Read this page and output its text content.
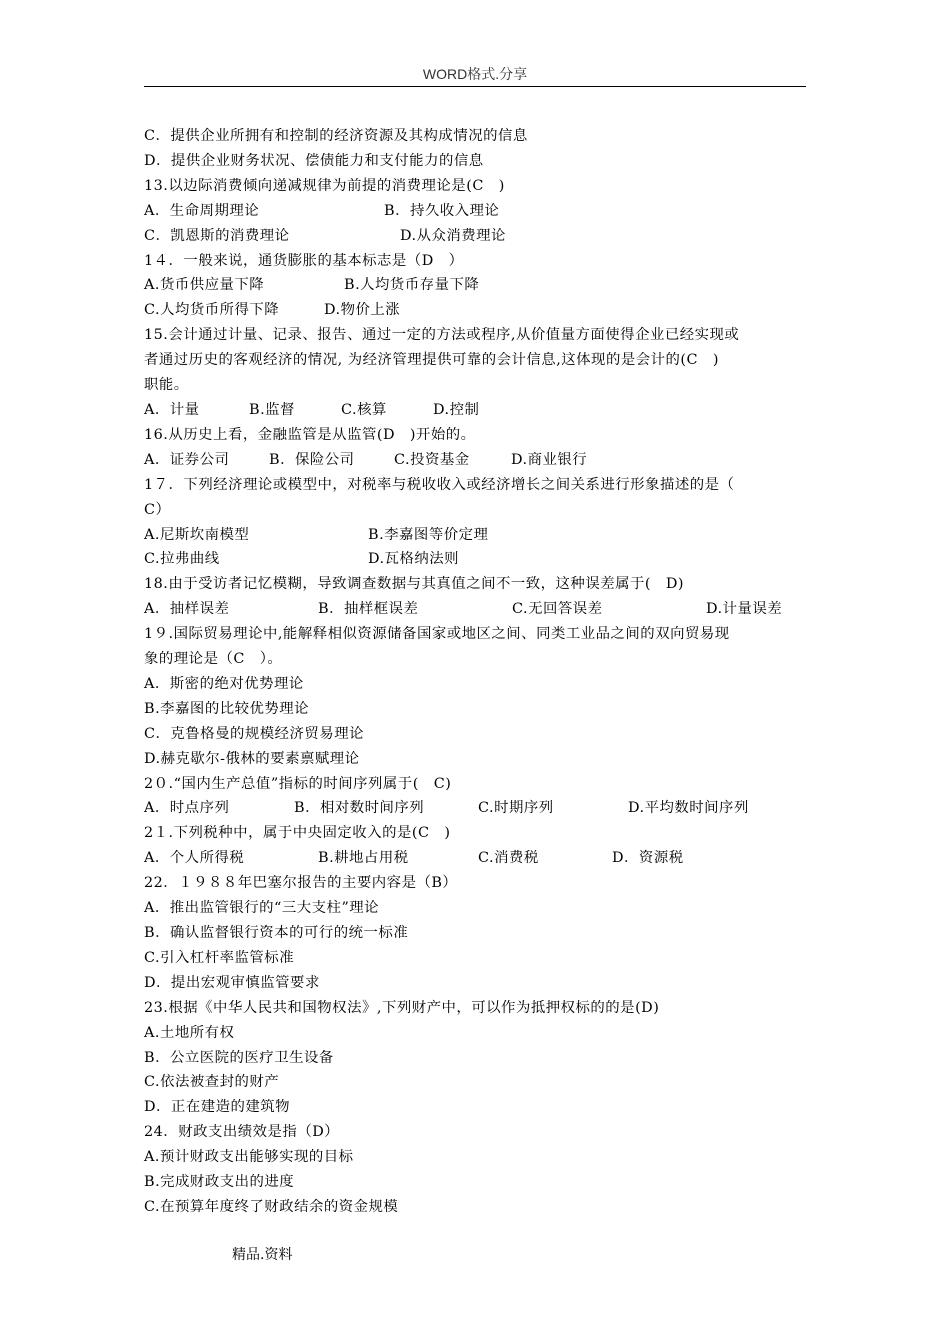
WORD格式.分享
C．提供企业所拥有和控制的经济资源及其构成情况的信息
D．提供企业财务状况、偿债能力和支付能力的信息
13.以边际消费倾向递减规律为前提的消费理论是(C　)
A．生命周期理论	B．持久收入理论
C．凯恩斯的消费理论	D.从众消费理论
1４．一般来说，通货膨胀的基本标志是（D　）
A.货币供应量下降	B.人均货币存量下降
C.人均货币所得下降	D.物价上涨
15.会计通过计量、记录、报告、通过一定的方法或程序,从价值量方面使得企业已经实现或
者通过历史的客观经济的情况, 为经济管理提供可靠的会计信息,这体现的是会计的(C　)
职能。
A．计量	B.监督	C.核算	D.控制
16.从历史上看，金融监管是从监管(D　)开始的。
A．证券公司	B．保险公司	C.投资基金	D.商业银行
1７．下列经济理论或模型中，对税率与税收收入或经济增长之间关系进行形象描述的是（
C）
A.尼斯坎南模型	B.李嘉图等价定理
C.拉弗曲线	D.瓦格纳法则
18.由于受访者记忆模糊，导致调查数据与其真值之间不一致，这种误差属于(　D)
A．抽样误差	B．抽样框误差	C.无回答误差	D.计量误差
1９.国际贸易理论中,能解释相似资源储备国家或地区之间、同类工业品之间的双向贸易现
象的理论是（C　）。
A．斯密的绝对优势理论
B.李嘉图的比较优势理论
C．克鲁格曼的规模经济贸易理论
D.赫克歇尔-俄林的要素禀赋理论
2０.“国内生产总值”指标的时间序列属于(　C)
A．时点序列	B．相对数时间序列	C.时期序列	D.平均数时间序列
2１.下列税种中，属于中央固定收入的是(C　)
A．个人所得税	B.耕地占用税	C.消费税	D．资源税
22．１９８８年巴塞尔报告的主要内容是（B）
A．推出监管银行的“三大支柱”理论
B．确认监督银行资本的可行的统一标准
C.引入杠杆率监管标准
D．提出宏观审慎监管要求
23.根据《中华人民共和国物权法》,下列财产中，可以作为抵押权标的的是(D)
A.土地所有权
B．公立医院的医疗卫生设备
C.依法被查封的财产
D．正在建造的建筑物
24．财政支出绩效是指（D）
A.预计财政支出能够实现的目标
B.完成财政支出的进度
C.在预算年度终了财政结余的资金规模
精品.资料
